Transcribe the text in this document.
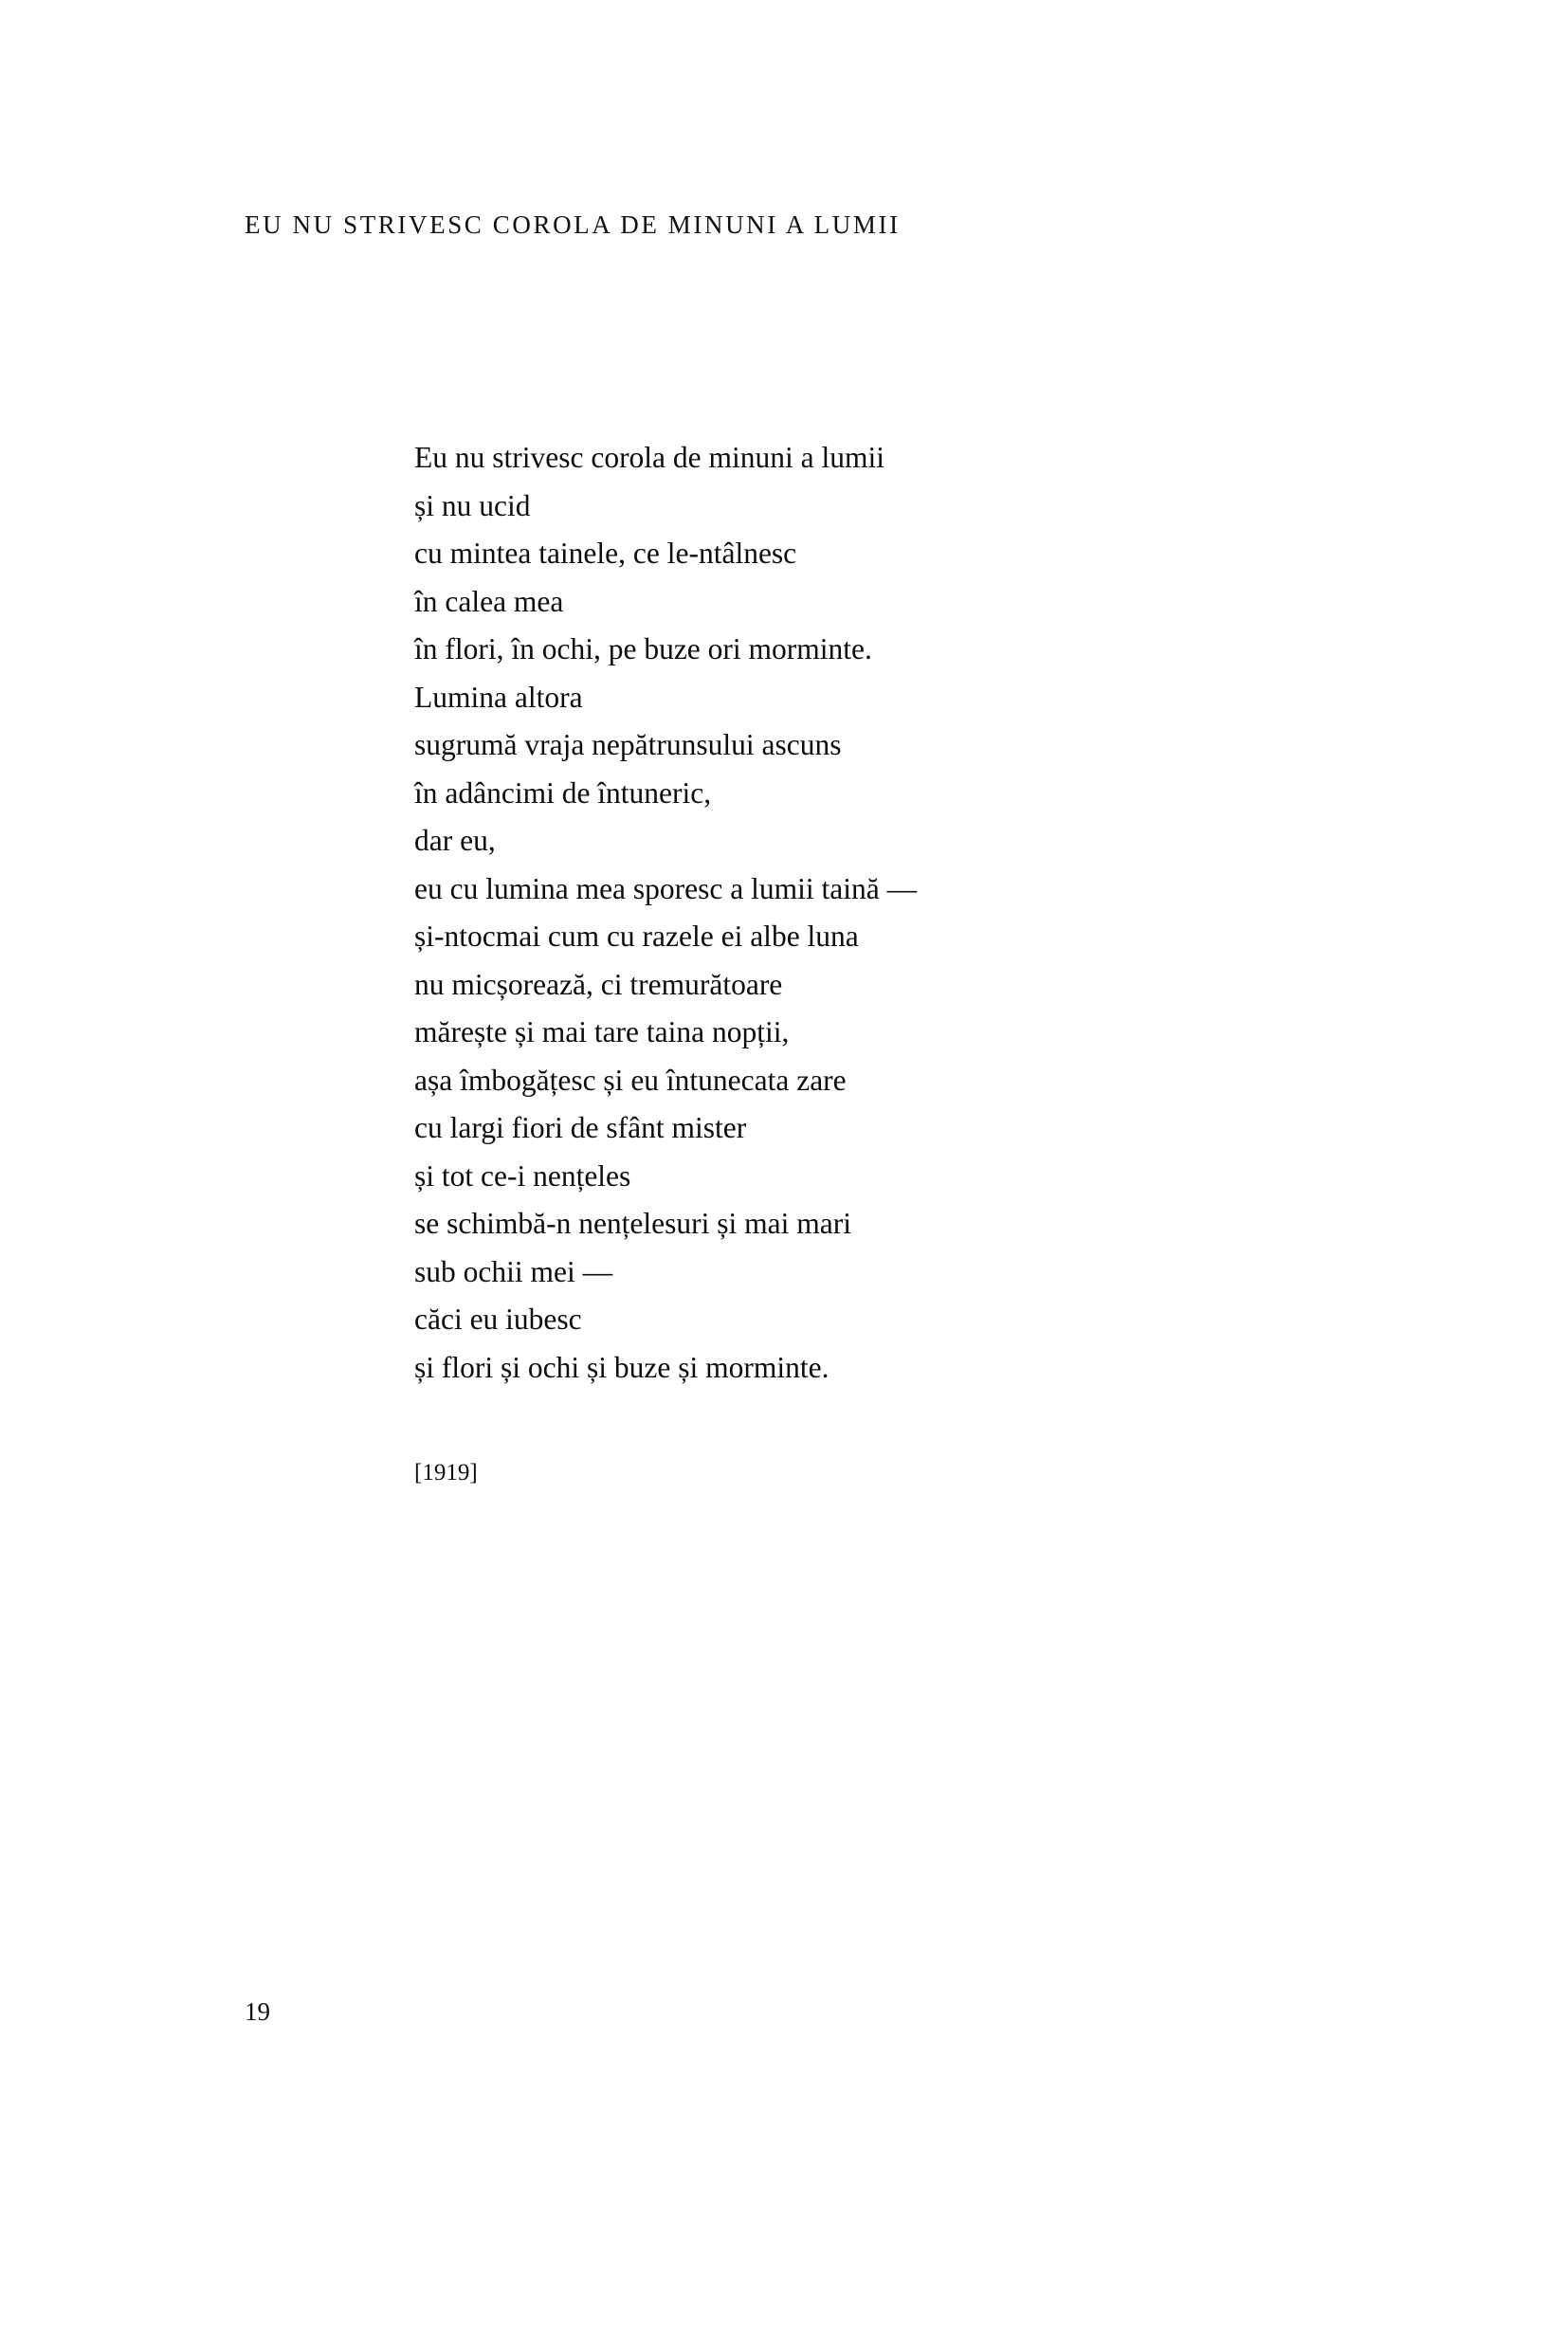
EU NU STRIVESC COROLA DE MINUNI A LUMII
Eu nu strivesc corola de minuni a lumii
și nu ucid
cu mintea tainele, ce le-ntâlnesc
în calea mea
în flori, în ochi, pe buze ori morminte.
Lumina altora
sugrumă vraja nepătrunsului ascuns
în adâncimi de întuneric,
dar eu,
eu cu lumina mea sporesc a lumii taină —
și-ntocmai cum cu razele ei albe luna
nu micșorează, ci tremurătoare
mărește și mai tare taina nopții,
așa îmbogățesc și eu întunecata zare
cu largi fiori de sfânt mister
și tot ce-i nențeles
se schimbă-n nențelesuri și mai mari
sub ochii mei —
căci eu iubesc
și flori și ochi și buze și morminte.
[1919]
19
